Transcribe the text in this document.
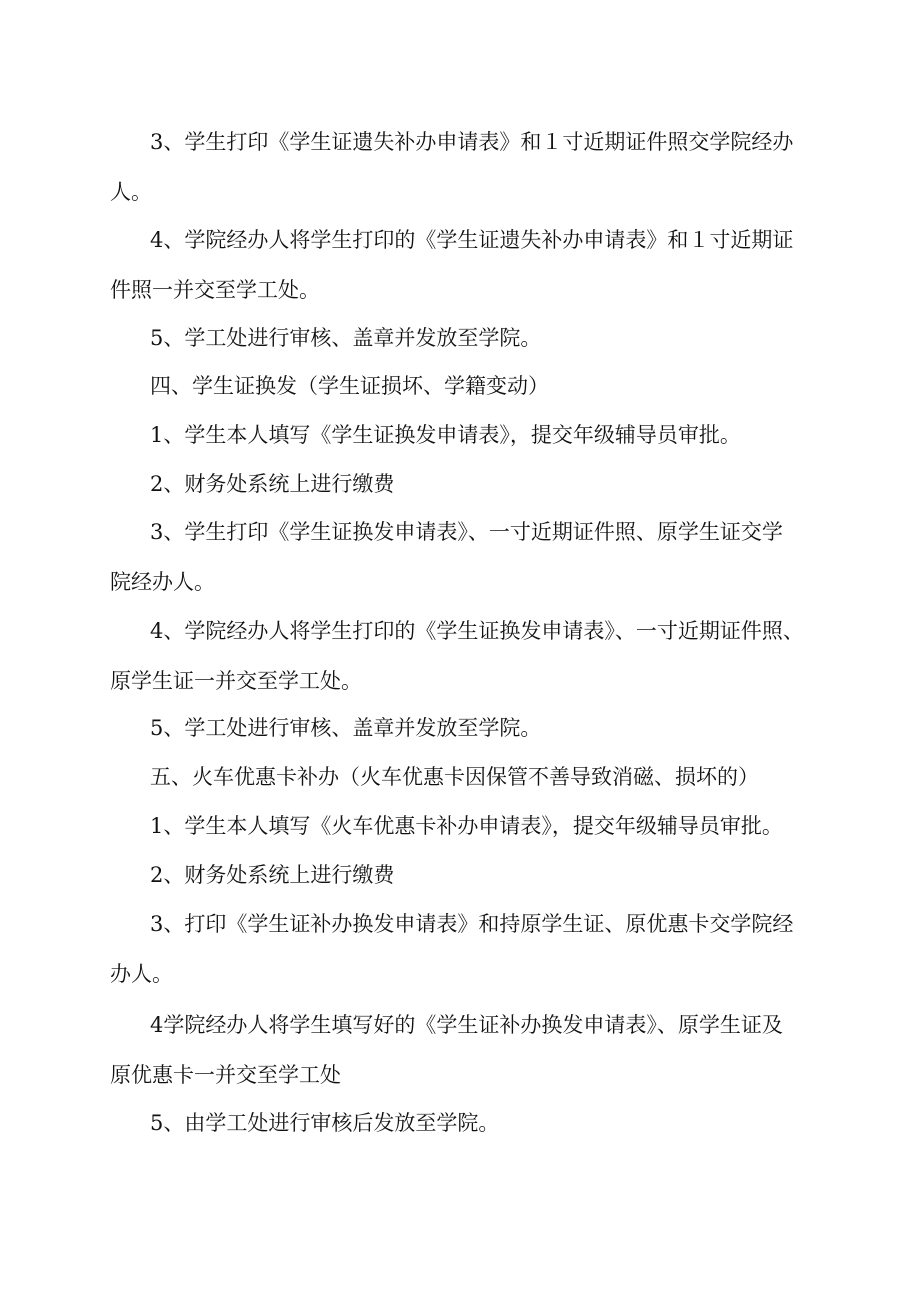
3、学生打印《学生证遗失补办申请表》和１寸近期证件照交学院经办
人。
4、学院经办人将学生打印的《学生证遗失补办申请表》和１寸近期证
件照一并交至学工处。
5、学工处进行审核、盖章并发放至学院。
四、学生证换发（学生证损坏、学籍变动）
1、学生本人填写《学生证换发申请表》，提交年级辅导员审批。
2、财务处系统上进行缴费
3、学生打印《学生证换发申请表》、一寸近期证件照、原学生证交学
院经办人。
4、学院经办人将学生打印的《学生证换发申请表》、一寸近期证件照、
原学生证一并交至学工处。
5、学工处进行审核、盖章并发放至学院。
五、火车优惠卡补办（火车优惠卡因保管不善导致消磁、损坏的）
1、学生本人填写《火车优惠卡补办申请表》，提交年级辅导员审批。
2、财务处系统上进行缴费
3、打印《学生证补办换发申请表》和持原学生证、原优惠卡交学院经
办人。
4学院经办人将学生填写好的《学生证补办换发申请表》、原学生证及
原优惠卡一并交至学工处
5、由学工处进行审核后发放至学院。
